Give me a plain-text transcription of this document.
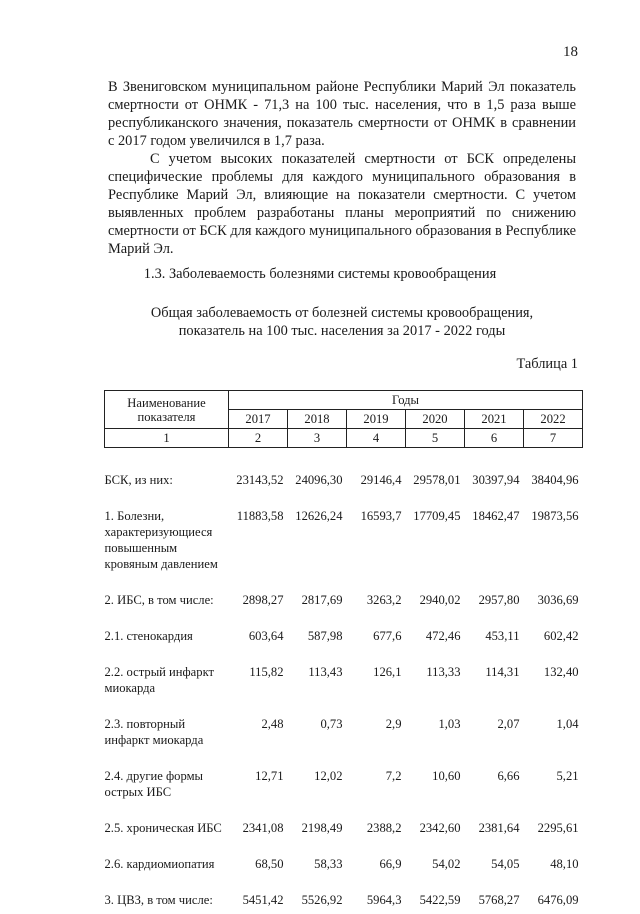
18

В Звениговском муниципальном районе Республики Марий Эл показатель смертности от ОНМК - 71,3 на 100 тыс. населения, что в 1,5 раза выше республиканского значения, показатель смертности от ОНМК в сравнении с 2017 годом увеличился в 1,7 раза.

С учетом высоких показателей смертности от БСК определены специфические проблемы для каждого муниципального образования в Республике Марий Эл, влияющие на показатели смертности. С учетом выявленных проблем разработаны планы мероприятий по снижению смертности от БСК для каждого муниципального образования в Республике Марий Эл.

1.3. Заболеваемость болезнями системы кровообращения
Общая заболеваемость от болезней системы кровообращения,
показатель на 100 тыс. населения за 2017 - 2022 годы
Таблица 1
Наименование показателя	Годы					
	2017	2018	2019	2020	2021	2022
1	2	3	4	5	6	7
БСК, из них:	23143,52	24096,30	29146,4	29578,01	30397,94	38404,96
1. Болезни, характеризующиеся повышенным кровяным давлением	11883,58	12626,24	16593,7	17709,45	18462,47	19873,56
2. ИБС, в том числе:	2898,27	2817,69	3263,2	2940,02	2957,80	3036,69
2.1. стенокардия	603,64	587,98	677,6	472,46	453,11	602,42
2.2. острый инфаркт миокарда	115,82	113,43	126,1	113,33	114,31	132,40
2.3. повторный инфаркт миокарда	2,48	0,73	2,9	1,03	2,07	1,04
2.4. другие формы острых ИБС	12,71	12,02	7,2	10,60	6,66	5,21
2.5. хроническая ИБС	2341,08	2198,49	2388,2	2342,60	2381,64	2295,61
2.6. кардиомиопатия	68,50	58,33	66,9	54,02	54,05	48,10
3. ЦВЗ, в том числе:	5451,42	5526,92	5964,3	5422,59	5768,27	6476,09
